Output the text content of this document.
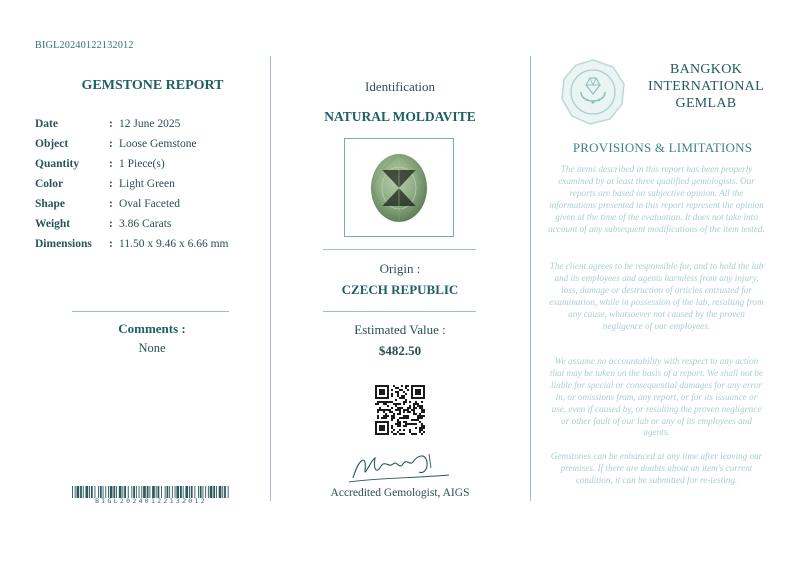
BIGL20240122132012
GEMSTONE REPORT
Date	: 12 June 2025
Object	: Loose Gemstone
Quantity	: 1 Piece(s)
Color	: Light Green
Shape	: Oval Faceted
Weight	: 3.86 Carats
Dimensions : 11.50 x 9.46 x 6.66 mm
Comments :
None
BIGL20240122132012
Identification
NATURAL MOLDAVITE
Origin :
CZECH REPUBLIC
Estimated Value :
$482.50
Accredited Gemologist, AIGS
BANGKOK
INTERNATIONAL
GEMLAB
PROVISIONS & LIMITATIONS

The items described in this report has been properly examined by at least three qualified gemologists. Our reports are based on subjective opinion. All the informations presented in this report represent the opinion given at the time of the evaluation. It does not take into account of any subsequent modifications of the item tested.

The client agrees to be responsible for, and to hold the lab and its employees and agents harmless from any injury, loss, damage or destruction of articles entrusted for examination, while in possession of the lab, resulting from any cause, whatsoever not caused by the proven negligence of our employees.

We assume no accountability with respect to any action that may be taken on the basis of a report. We shall not be liable for special or consequential damages for any error in, or omissions from, any report, or for its issuance or use, even if caused by, or resulting the proven negligence or other fault of our lab or any of its employees and agents.

Gemstones can be enhanced at any time after leaving our premises. If there are doubts about an item's current condition, it can be submitted for re-testing.
